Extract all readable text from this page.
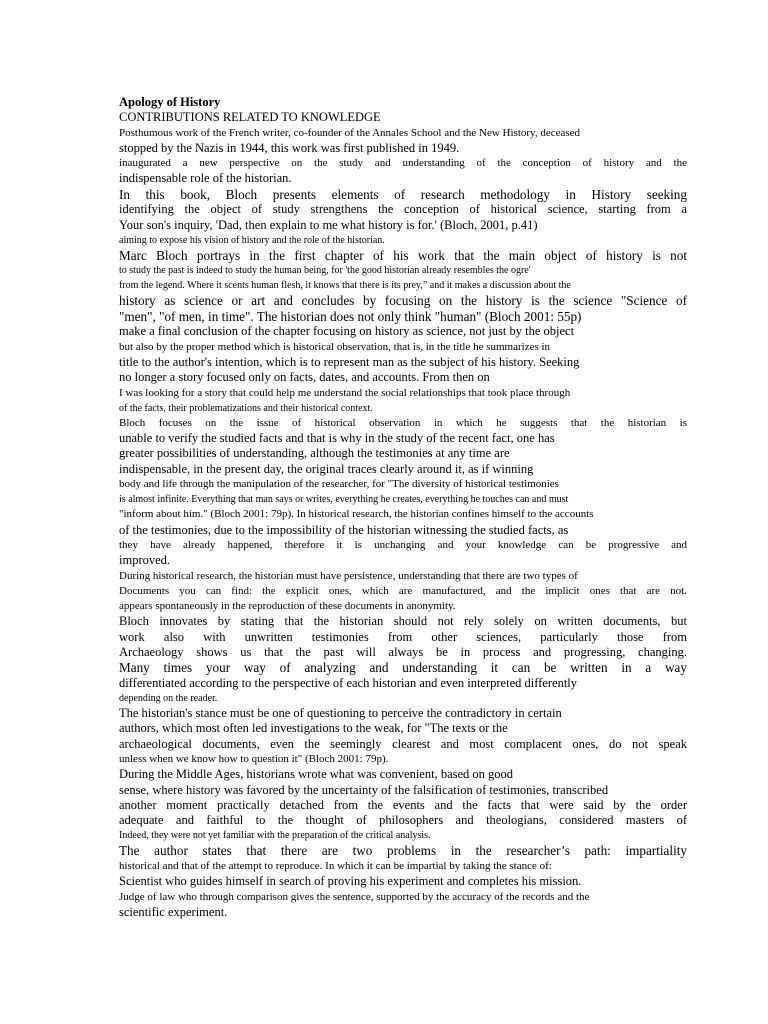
Apology of History

CONTRIBUTIONS RELATED TO KNOWLEDGE

Posthumous work of the French writer, co-founder of the Annales School and the New History, deceased

stopped by the Nazis in 1944, this work was first published in 1949.

inaugurated a new perspective on the study and understanding of the conception of history and the

indispensable role of the historian.

In this book, Bloch presents elements of research methodology in History seeking

identifying the object of study strengthens the conception of historical science, starting from a

Your son's inquiry, 'Dad, then explain to me what history is for.' (Bloch, 2001, p.41)

aiming to expose his vision of history and the role of the historian.

Marc Bloch portrays in the first chapter of his work that the main object of history is not

to study the past is indeed to study the human being, for 'the good historian already resembles the ogre'

from the legend. Where it scents human flesh, it knows that there is its prey,” and it makes a discussion about the

history as science or art and concludes by focusing on the history is the science "Science of

"men", "of men, in time". The historian does not only think "human" (Bloch 2001: 55p)

make a final conclusion of the chapter focusing on history as science, not just by the object

but also by the proper method which is historical observation, that is, in the title he summarizes in

title to the author's intention, which is to represent man as the subject of his history. Seeking

no longer a story focused only on facts, dates, and accounts. From then on

I was looking for a story that could help me understand the social relationships that took place through

of the facts, their problematizations and their historical context.

Bloch focuses on the issue of historical observation in which he suggests that the historian is

unable to verify the studied facts and that is why in the study of the recent fact, one has

greater possibilities of understanding, although the testimonies at any time are

indispensable, in the present day, the original traces clearly around it, as if winning

body and life through the manipulation of the researcher, for "The diversity of historical testimonies

is almost infinite. Everything that man says or writes, everything he creates, everything he touches can and must

"inform about him." (Bloch 2001: 79p). In historical research, the historian confines himself to the accounts

of the testimonies, due to the impossibility of the historian witnessing the studied facts, as

they have already happened, therefore it is unchanging and your knowledge can be progressive and

improved.

During historical research, the historian must have persistence, understanding that there are two types of

Documents you can find: the explicit ones, which are manufactured, and the implicit ones that are not.

appears spontaneously in the reproduction of these documents in anonymity.

Bloch innovates by stating that the historian should not rely solely on written documents, but

work also with unwritten testimonies from other sciences, particularly those from

Archaeology shows us that the past will always be in process and progressing, changing.

Many times your way of analyzing and understanding it can be written in a way

differentiated according to the perspective of each historian and even interpreted differently

depending on the reader.

The historian's stance must be one of questioning to perceive the contradictory in certain

authors, which most often led investigations to the weak, for "The texts or the

archaeological documents, even the seemingly clearest and most complacent ones, do not speak

unless when we know how to question it" (Bloch 2001: 79p).

During the Middle Ages, historians wrote what was convenient, based on good

sense, where history was favored by the uncertainty of the falsification of testimonies, transcribed

another moment practically detached from the events and the facts that were said by the order

adequate and faithful to the thought of philosophers and theologians, considered masters of

Indeed, they were not yet familiar with the preparation of the critical analysis.

The author states that there are two problems in the researcher’s path: impartiality

historical and that of the attempt to reproduce. In which it can be impartial by taking the stance of:

Scientist who guides himself in search of proving his experiment and completes his mission.

Judge of law who through comparison gives the sentence, supported by the accuracy of the records and the

scientific experiment.
